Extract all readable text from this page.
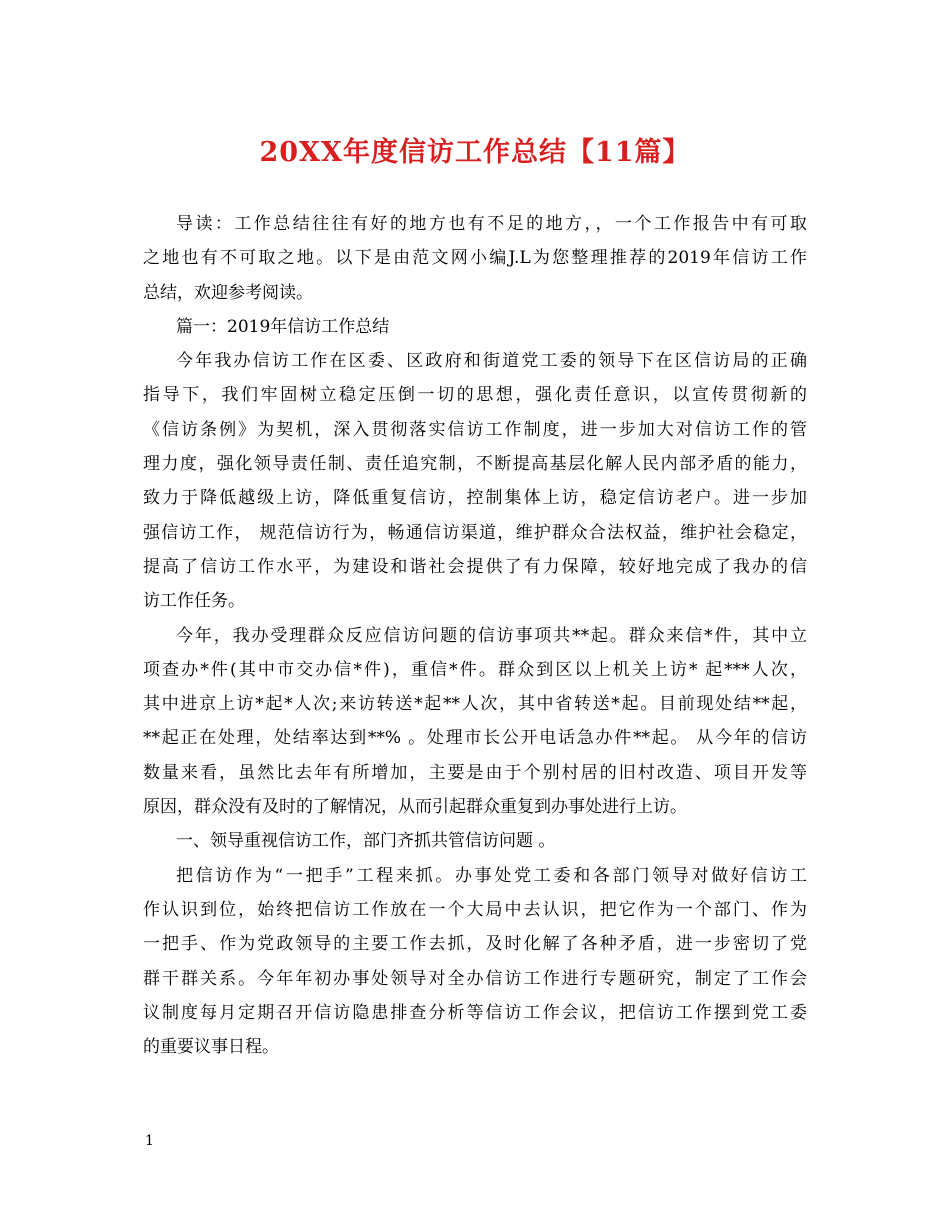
20XX年度信访工作总结【11篇】
导读：工作总结往往有好的地方也有不足的地方，，一个工作报告中有可取
之地也有不可取之地。以下是由范文网小编J.L为您整理推荐的2019年信访工作
总结，欢迎参考阅读。
篇一：2019年信访工作总结
今年我办信访工作在区委、区政府和街道党工委的领导下在区信访局的正确
指导下，我们牢固树立稳定压倒一切的思想，强化责任意识，以宣传贯彻新的
《信访条例》为契机，深入贯彻落实信访工作制度，进一步加大对信访工作的管
理力度，强化领导责任制、责任追究制，不断提高基层化解人民内部矛盾的能力，
致力于降低越级上访，降低重复信访，控制集体上访，稳定信访老户。进一步加
强信访工作， 规范信访行为，畅通信访渠道，维护群众合法权益，维护社会稳定，
提高了信访工作水平，为建设和谐社会提供了有力保障，较好地完成了我办的信
访工作任务。
今年，我办受理群众反应信访问题的信访事项共**起。群众来信*件，其中立
项查办*件(其中市交办信*件)，重信*件。群众到区以上机关上访* 起***人次，
其中进京上访*起*人次;来访转送*起**人次，其中省转送*起。目前现处结**起，
**起正在处理，处结率达到**% 。处理市长公开电话急办件**起。 从今年的信访
数量来看，虽然比去年有所增加，主要是由于个别村居的旧村改造、项目开发等
原因，群众没有及时的了解情况，从而引起群众重复到办事处进行上访。
一、领导重视信访工作，部门齐抓共管信访问题 。
把信访作为“一把手”工程来抓。办事处党工委和各部门领导对做好信访工
作认识到位，始终把信访工作放在一个大局中去认识，把它作为一个部门、作为
一把手、作为党政领导的主要工作去抓，及时化解了各种矛盾，进一步密切了党
群干群关系。今年年初办事处领导对全办信访工作进行专题研究，制定了工作会
议制度每月定期召开信访隐患排查分析等信访工作会议，把信访工作摆到党工委
的重要议事日程。

1
